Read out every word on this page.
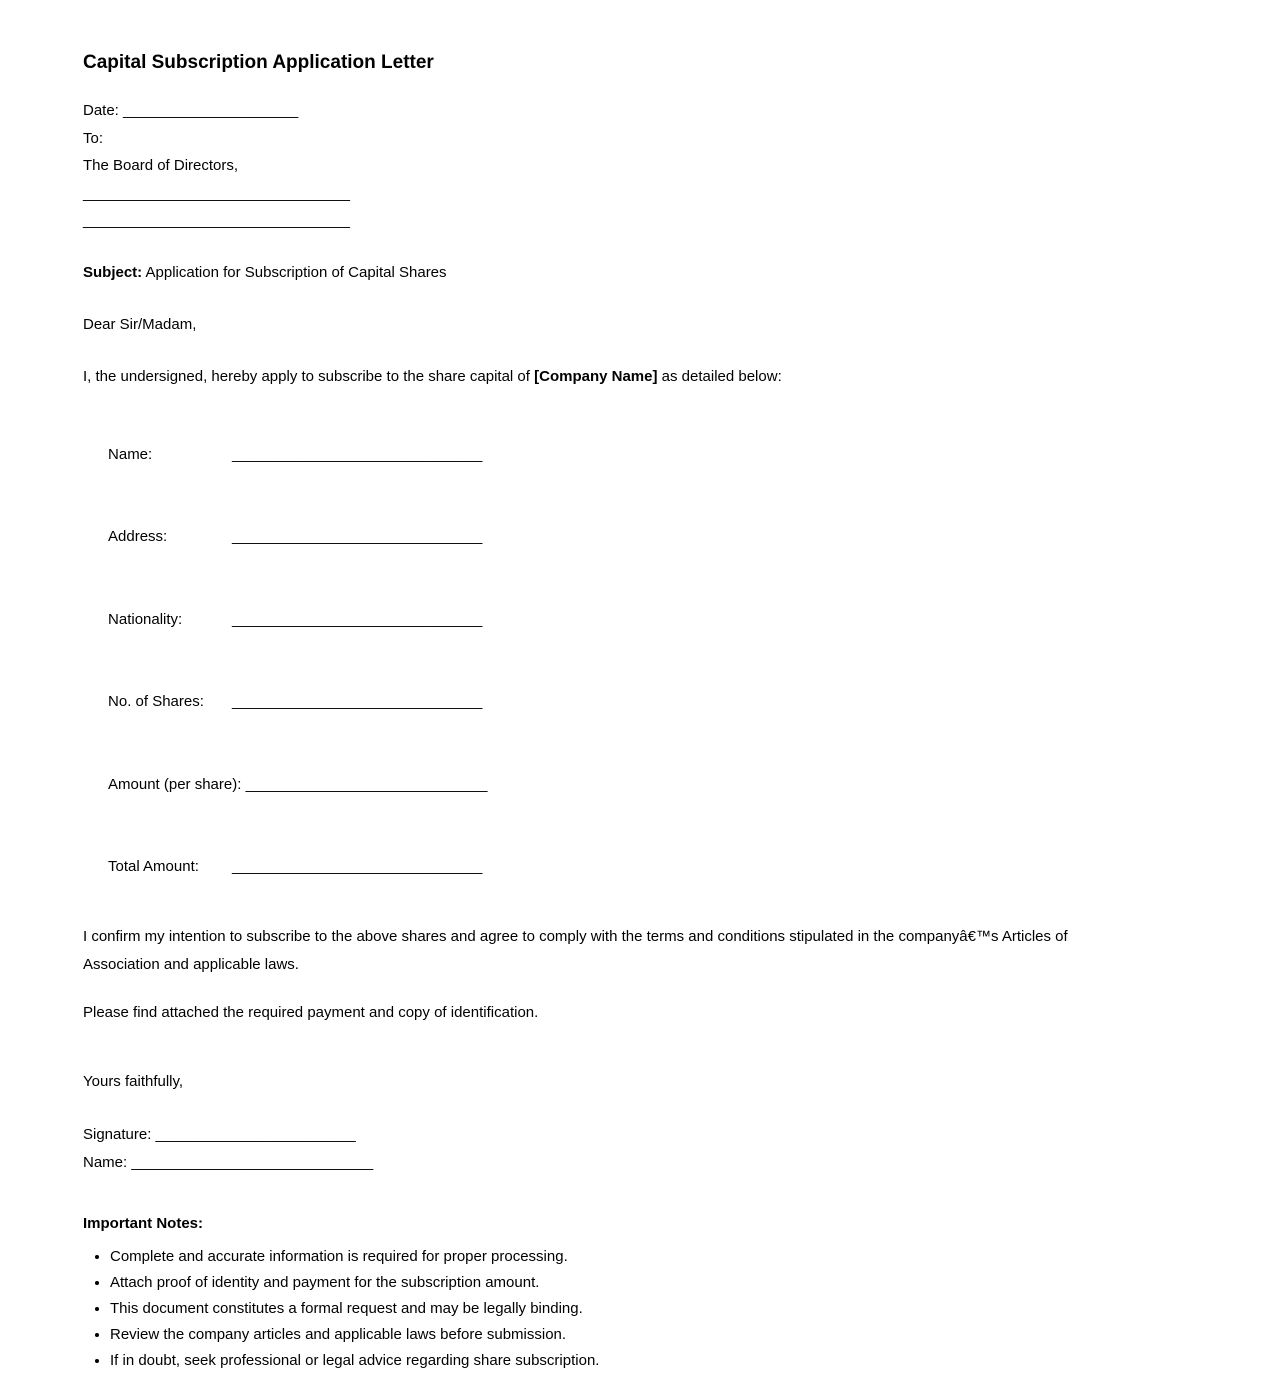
Capital Subscription Application Letter
Date: _____________________
To:
The Board of Directors,
________________________________
________________________________
Subject: Application for Subscription of Capital Shares
Dear Sir/Madam,
I, the undersigned, hereby apply to subscribe to the share capital of [Company Name] as detailed below:

Name:	______________________________

Address:	______________________________

Nationality:	______________________________

No. of Shares: ______________________________

Amount (per share): _____________________________

Total Amount: ______________________________

I confirm my intention to subscribe to the above shares and agree to comply with the terms and conditions stipulated in the companyâ€™s Articles of
Association and applicable laws.
Please find attached the required payment and copy of identification.
Yours faithfully,
Signature: ________________________
Name: _____________________________
Important Notes:
• Complete and accurate information is required for proper processing.
• Attach proof of identity and payment for the subscription amount.
• This document constitutes a formal request and may be legally binding.
• Review the company articles and applicable laws before submission.
• If in doubt, seek professional or legal advice regarding share subscription.
